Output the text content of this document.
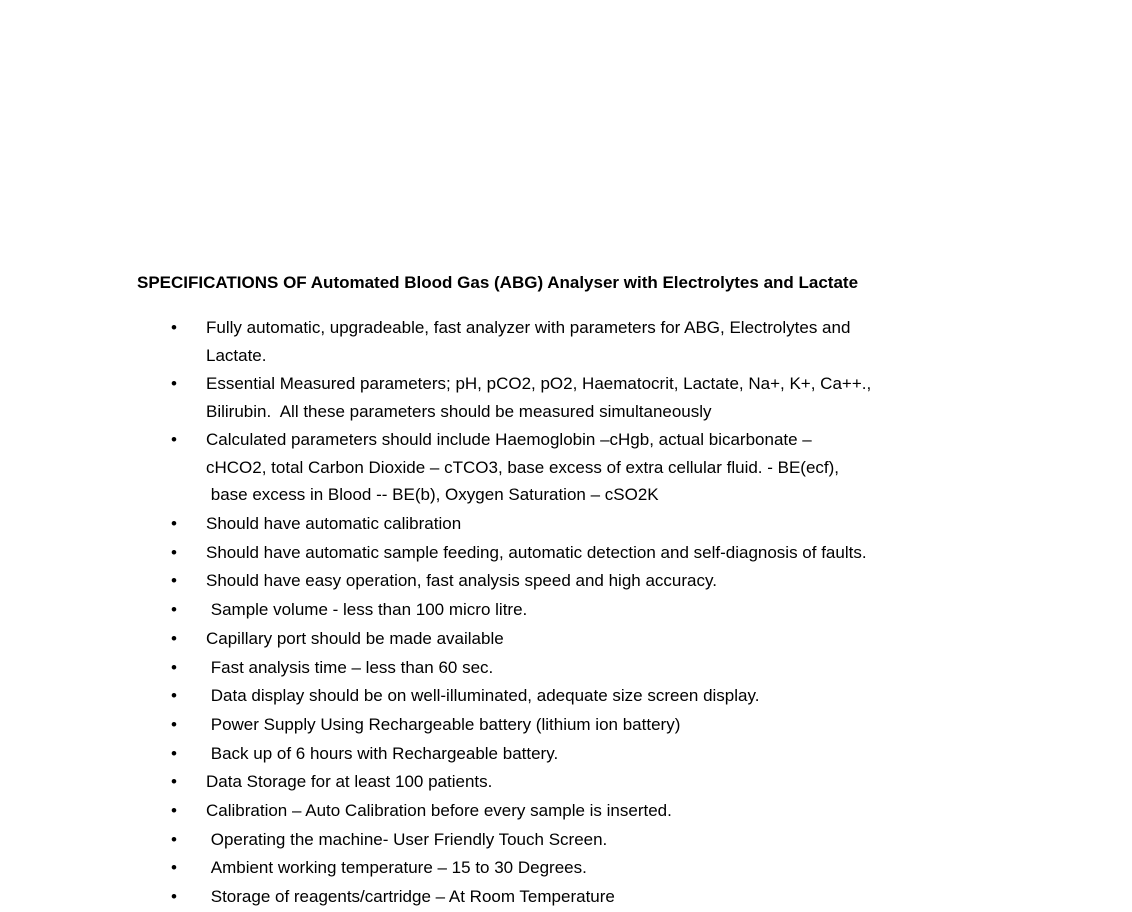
SPECIFICATIONS OF Automated Blood Gas (ABG) Analyser with Electrolytes and Lactate
• Fully automatic, upgradeable, fast analyzer with parameters for ABG, Electrolytes and
Lactate.
• Essential Measured parameters; pH, pCO2, pO2, Haematocrit, Lactate, Na+, K+, Ca++.,
Bilirubin.  All these parameters should be measured simultaneously
• Calculated parameters should include Haemoglobin –cHgb, actual bicarbonate –
cHCO2, total Carbon Dioxide – cTCO3, base excess of extra cellular fluid. - BE(ecf),
base excess in Blood -- BE(b), Oxygen Saturation – cSO2K
• Should have automatic calibration
• Should have automatic sample feeding, automatic detection and self-diagnosis of faults.
• Should have easy operation, fast analysis speed and high accuracy.
• Sample volume - less than 100 micro litre.
• Capillary port should be made available
• Fast analysis time – less than 60 sec.
• Data display should be on well-illuminated, adequate size screen display.
• Power Supply Using Rechargeable battery (lithium ion battery)
• Back up of 6 hours with Rechargeable battery.
• Data Storage for at least 100 patients.
• Calibration – Auto Calibration before every sample is inserted.
• Operating the machine- User Friendly Touch Screen.
• Ambient working temperature – 15 to 30 Degrees.
• Storage of reagents/cartridge – At Room Temperature
